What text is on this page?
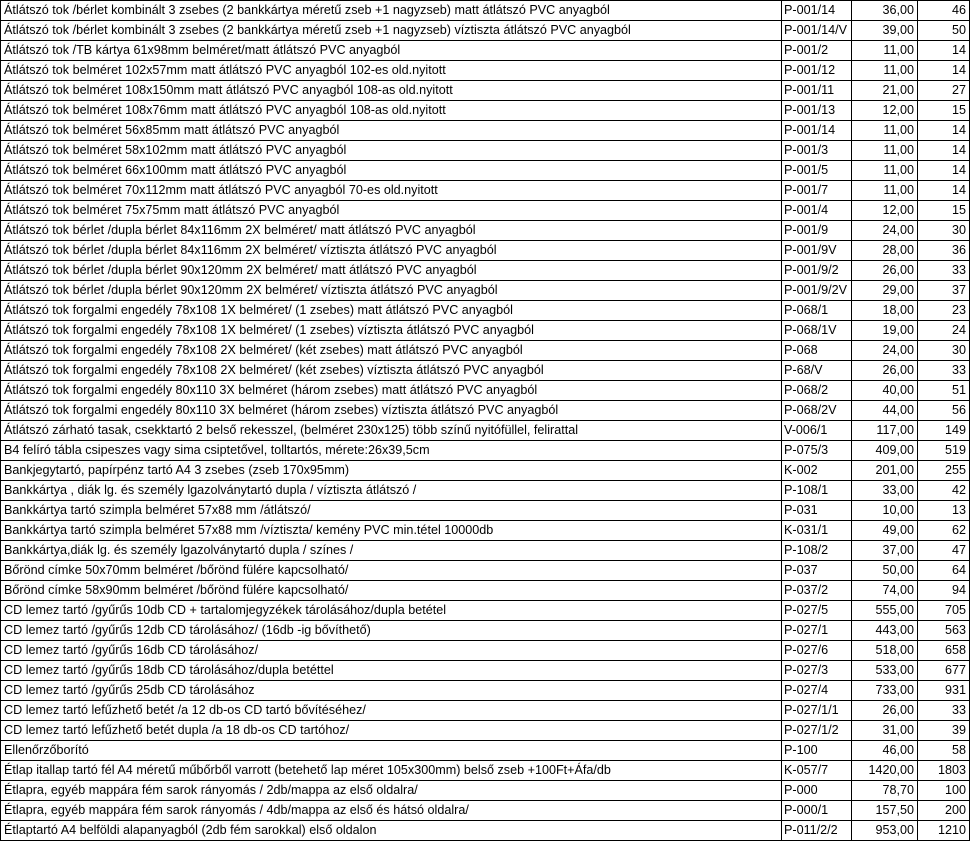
Átlátszó tok /bérlet kombinált 3 zsebes (2 bankkártya méretű zseb +1 nagyzseb) matt átlátszó PVC anyagból	P-001/14	36,00	46
Átlátszó tok /bérlet kombinált 3 zsebes (2 bankkártya méretű zseb +1 nagyzseb) víztiszta átlátszó PVC anyagból	P-001/14/V	39,00	50
Átlátszó tok /TB kártya 61x98mm belméret/matt átlátszó PVC anyagból	P-001/2	11,00	14
Átlátszó tok belméret 102x57mm matt átlátszó PVC anyagból 102-es old.nyitott	P-001/12	11,00	14
Átlátszó tok belméret 108x150mm matt átlátszó PVC anyagból 108-as old.nyitott	P-001/11	21,00	27
Átlátszó tok belméret 108x76mm matt átlátszó PVC anyagból 108-as old.nyitott	P-001/13	12,00	15
Átlátszó tok belméret 56x85mm matt átlátszó PVC anyagból	P-001/14	11,00	14
Átlátszó tok belméret 58x102mm matt átlátszó PVC anyagból	P-001/3	11,00	14
Átlátszó tok belméret 66x100mm matt átlátszó PVC anyagból	P-001/5	11,00	14
Átlátszó tok belméret 70x112mm matt átlátszó PVC anyagból 70-es old.nyitott	P-001/7	11,00	14
Átlátszó tok belméret 75x75mm matt átlátszó PVC anyagból	P-001/4	12,00	15
Átlátszó tok bérlet /dupla bérlet 84x116mm 2X belméret/ matt átlátszó PVC anyagból	P-001/9	24,00	30
Átlátszó tok bérlet /dupla bérlet 84x116mm 2X belméret/ víztiszta átlátszó PVC anyagból	P-001/9V	28,00	36
Átlátszó tok bérlet /dupla bérlet 90x120mm 2X belméret/ matt átlátszó PVC anyagból	P-001/9/2	26,00	33
Átlátszó tok bérlet /dupla bérlet 90x120mm 2X belméret/ víztiszta átlátszó PVC anyagból	P-001/9/2V	29,00	37
Átlátszó tok forgalmi engedély 78x108 1X belméret/ (1 zsebes) matt átlátszó PVC anyagból	P-068/1	18,00	23
Átlátszó tok forgalmi engedély 78x108 1X belméret/ (1 zsebes) víztiszta átlátszó PVC anyagból	P-068/1V	19,00	24
Átlátszó tok forgalmi engedély 78x108 2X belméret/ (két zsebes) matt átlátszó PVC anyagból	P-068	24,00	30
Átlátszó tok forgalmi engedély 78x108 2X belméret/ (két zsebes) víztiszta átlátszó PVC anyagból	P-68/V	26,00	33
Átlátszó tok forgalmi engedély 80x110 3X belméret (három zsebes) matt átlátszó PVC anyagból	P-068/2	40,00	51
Átlátszó tok forgalmi engedély 80x110 3X belméret (három zsebes) víztiszta átlátszó PVC anyagból	P-068/2V	44,00	56
Átlátszó zárható tasak, csekktartó 2 belső rekesszel, (belméret 230x125) több színű nyitófüllel, felirattal	V-006/1	117,00	149
B4 felíró tábla csipeszes vagy sima csiptetővel, tolltartós, mérete:26x39,5cm	P-075/3	409,00	519
Bankjegytartó, papírpénz tartó A4 3 zsebes (zseb 170x95mm)	K-002	201,00	255
Bankkártya , diák lg. és személy lgazolványtartó dupla / víztiszta átlátszó /	P-108/1	33,00	42
Bankkártya tartó szimpla belméret 57x88 mm /átlátszó/	P-031	10,00	13
Bankkártya tartó szimpla belméret 57x88 mm /víztiszta/ kemény PVC min.tétel 10000db	K-031/1	49,00	62
Bankkártya,diák lg. és személy lgazolványtartó dupla / színes /	P-108/2	37,00	47
Bőrönd címke 50x70mm belméret /bőrönd fülére kapcsolható/	P-037	50,00	64
Bőrönd címke 58x90mm belméret /bőrönd fülére kapcsolható/	P-037/2	74,00	94
CD lemez tartó /gyűrűs 10db CD + tartalomjegyzékek tárolásához/dupla betétel	P-027/5	555,00	705
CD lemez tartó /gyűrűs 12db CD tárolásához/ (16db -ig bővíthető)	P-027/1	443,00	563
CD lemez tartó /gyűrűs 16db CD tárolásához/	P-027/6	518,00	658
CD lemez tartó /gyűrűs 18db CD tárolásához/dupla betéttel	P-027/3	533,00	677
CD lemez tartó /gyűrűs 25db CD tárolásához	P-027/4	733,00	931
CD lemez tartó lefűzhető betét /a 12 db-os CD tartó bővítéséhez/	P-027/1/1	26,00	33
CD lemez tartó lefűzhető betét dupla /a 18 db-os CD tartóhoz/	P-027/1/2	31,00	39
Ellenőrzőborító	P-100	46,00	58
Étlap itallap tartó fél A4 méretű műbőrből varrott (betehető lap méret 105x300mm) belső zseb +100Ft+Áfa/db	K-057/7	1420,00	1803
Étlapra, egyéb mappára fém sarok rányomás / 2db/mappa az első oldalra/	P-000	78,70	100
Étlapra, egyéb mappára fém sarok rányomás / 4db/mappa az első és hátsó oldalra/	P-000/1	157,50	200
Étlaptartó A4 belföldi alapanyagból (2db fém sarokkal) első oldalon	P-011/2/2	953,00	1210
